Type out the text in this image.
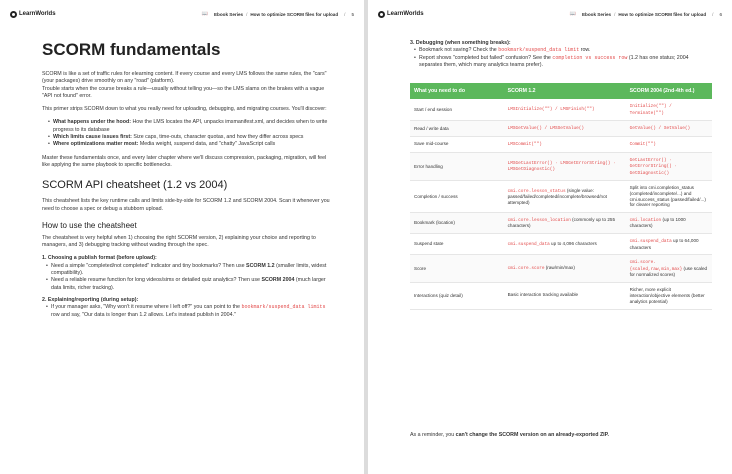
LearnWorlds	📖 Ebook Series / How to optimize SCORM files for upload / 5
SCORM fundamentals

SCORM is like a set of traffic rules for elearning content. If every course and every LMS follows the same rules, the "cars" (your packages) drive smoothly on any "road" (platform).
Trouble starts when the course breaks a rule—usually without telling you—so the LMS slams on the brakes with a vague "API not found" error.

This primer strips SCORM down to what you really need for uploading, debugging, and migrating courses. You'll discover:

• What happens under the hood: How the LMS locates the API, unpacks imsmanifest.xml, and decides when to write progress to its database
• Which limits cause issues first: Size caps, time-outs, character quotas, and how they differ across specs
• Where optimizations matter most: Media weight, suspend data, and "chatty" JavaScript calls

Master these fundamentals once, and every later chapter where we'll discuss compression, packaging, migration, will feel like applying the same playbook to specific bottlenecks.

SCORM API cheatsheet (1.2 vs 2004)

This cheatsheet lists the key runtime calls and limits side-by-side for SCORM 1.2 and SCORM 2004. Scan it whenever you need to choose a spec or debug a stubborn upload.

How to use the cheatsheet

The cheatsheet is very helpful when 1) choosing the right SCORM version, 2) explaining your choice and reporting to managers, and 3) debugging tracking without wading through the spec.

1. Choosing a publish format (before upload):
• Need a simple "completed/not completed" indicator and tiny bookmarks? Then use SCORM 1.2 (smaller limits, widest compatibility).
• Need a reliable resume function for long videos/sims or detailed quiz analytics? Then use SCORM 2004 (much larger data limits, richer tracking).
2. Explaining/reporting (during setup):
• If your manager asks, "Why won't it resume where I left off?" you can point to the bookmark/suspend_data limits row and say, "Our data is longer than 1.2 allows. Let's instead publish in 2004."
LearnWorlds	📖 Ebook Series / How to optimize SCORM files for upload / 6
3. Debugging (when something breaks):
• Bookmark not saving? Check the bookmark/suspend_data limit row.
• Report shows "completed but failed" confusion? See the completion vs success row (1.2 has one status; 2004 separates them, which many analytics teams prefer).
What you need to do	SCORM 1.2	SCORM 2004 (2nd-4th ed.)
Start / end session	LMSInitialize("") / LMSFinish("")	Initialize("") / Terminate("")
Read / write data	LMSGetValue() / LMSSetValue()	GetValue() / SetValue()
Save mid-course	LMSCommit("")	Commit("")
Error handling	LMSGetLastError() · LMSGetErrorString() · LMSGetDiagnostic()	GetLastError() · GetErrorString() · GetDiagnostic()
Completion / success	cmi.core.lesson_status (single value: passed/failed/completed/incomplete/browsed/not attempted)	Split into cmi.completion_status (completed/incomplete/...) and cmi.success_status (passed/failed/...) for clearer reporting
Bookmark (location)	cmi.core.lesson_location (commonly up to 255 characters)	cmi.location (up to 1000 characters)
Suspend state	cmi.suspend_data up to 4,096 characters	cmi.suspend_data up to 64,000 characters
Score	cmi.core.score (raw/min/max)	cmi.score.{scaled,raw,min,max} (use scaled for normalized scores)
Interactions (quiz detail)	Basic interaction tracking available	Richer, more explicit interaction/objective elements (better analytics potential)
As a reminder, you can't change the SCORM version on an already-exported ZIP.
